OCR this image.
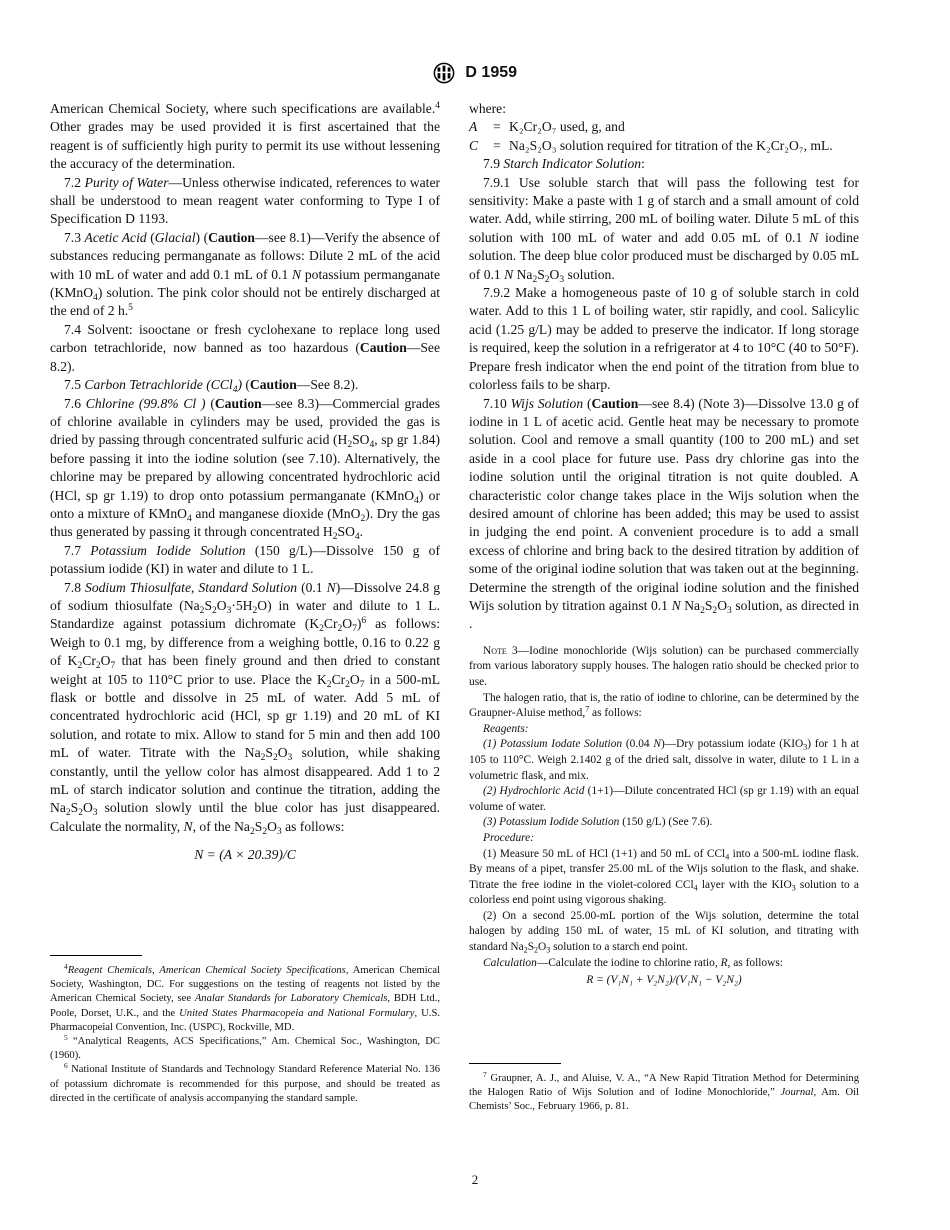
D 1959

American Chemical Society, where such specifications are available.$^4$ Other grades may be used provided it is first ascertained that the reagent is of sufficiently high purity to permit its use without lessening the accuracy of the determination.

7.2 Purity of Water—Unless otherwise indicated, references to water shall be understood to mean reagent water conforming to Type I of Specification D 1193.

7.3 Acetic Acid (Glacial) (Caution—see 8.1)—Verify the absence of substances reducing permanganate as follows: Dilute 2 mL of the acid with 10 mL of water and add 0.1 mL of 0.1 N potassium permanganate (KMnO$_4$) solution. The pink color should not be entirely discharged at the end of 2 h.$^5$

7.4 Solvent: isooctane or fresh cyclohexane to replace long used carbon tetrachloride, now banned as too hazardous (Caution—See 8.2).

7.5 Carbon Tetrachloride (CCl$_4$) (Caution—See 8.2).

7.6 Chlorine (99.8% Cl ) (Caution—see 8.3)—Commercial grades of chlorine available in cylinders may be used, provided the gas is dried by passing through concentrated sulfuric acid ($H_2SO_4$, sp gr 1.84) before passing it into the iodine solution (see 7.10). Alternatively, the chlorine may be prepared by allowing concentrated hydrochloric acid (HCl, sp gr 1.19) to drop onto potassium permanganate (KMnO$_4$) or onto a mixture of KMnO$_4$ and manganese dioxide (MnO$_2$). Dry the gas thus generated by passing it through concentrated $H_2SO_4$.

7.7 Potassium Iodide Solution (150 g/L)—Dissolve 150 g of potassium iodide (KI) in water and dilute to 1 L.

7.8 Sodium Thiosulfate, Standard Solution (0.1 N)—Dissolve 24.8 g of sodium thiosulfate $(Na_2S_2O_3\cdot 5H_2O)$ in water and dilute to 1 L. Standardize against potassium dichromate $(K_2Cr_2O_7)^6$ as follows: Weigh to 0.1 mg, by difference from a weighing bottle, 0.16 to 0.22 g of $K_2Cr_2O_7$ that has been finely ground and then dried to constant weight at 105 to 110°C prior to use. Place the $K_2Cr_2O_7$ in a 500-mL flask or bottle and dissolve in 25 mL of water. Add 5 mL of concentrated hydrochloric acid (HCl, sp gr 1.19) and 20 mL of KI solution, and rotate to mix. Allow to stand for 5 min and then add 100 mL of water. Titrate with the $Na_2S_2O_3$ solution, while shaking constantly, until the yellow color has almost disappeared. Add 1 to 2 mL of starch indicator solution and continue the titration, adding the $Na_2S_2O_3$ solution slowly until the blue color has just disappeared. Calculate the normality, N, of the $Na_2S_2O_3$ as follows:

N = (A × 20.39)/C

where:

A	= K₂Cr₂O₇ used, g, and
C	= Na₂S₂O₃ solution required for titration of the K₂Cr₂O₇, mL.

7.9 Starch Indicator Solution:

7.9.1 Use soluble starch that will pass the following test for sensitivity: Make a paste with 1 g of starch and a small amount of cold water. Add, while stirring, 200 mL of boiling water. Dilute 5 mL of this solution with 100 mL of water and add 0.05 mL of 0.1 N iodine solution. The deep blue color produced must be discharged by 0.05 mL of 0.1 N $Na_2S_2O_3$ solution.

7.9.2 Make a homogeneous paste of 10 g of soluble starch in cold water. Add to this 1 L of boiling water, stir rapidly, and cool. Salicylic acid (1.25 g/L) may be added to preserve the indicator. If long storage is required, keep the solution in a refrigerator at 4 to 10°C (40 to 50°F). Prepare fresh indicator when the end point of the titration from blue to colorless fails to be sharp.

7.10 Wijs Solution (Caution—see 8.4) (Note 3)—Dissolve 13.0 g of iodine in 1 L of acetic acid. Gentle heat may be necessary to promote solution. Cool and remove a small quantity (100 to 200 mL) and set aside in a cool place for future use. Pass dry chlorine gas into the iodine solution until the original titration is not quite doubled. A characteristic color change takes place in the Wijs solution when the desired amount of chlorine has been added; this may be used to assist in judging the end point. A convenient procedure is to add a small excess of chlorine and bring back to the desired titration by addition of some of the original iodine solution that was taken out at the beginning. Determine the strength of the original iodine solution and the finished Wijs solution by titration against 0.1 N $Na_2S_2O_3$ solution, as directed in .

Note 3—Iodine monochloride (Wijs solution) can be purchased commercially from various laboratory supply houses. The halogen ratio should be checked prior to use.

The halogen ratio, that is, the ratio of iodine to chlorine, can be determined by the Graupner-Aluise method,$^7$ as follows:

Reagents:

(1) Potassium Iodate Solution (0.04 N)—Dry potassium iodate $(KIO_3)$ for 1 h at 105 to 110°C. Weigh 2.1402 g of the dried salt, dissolve in water, dilute to 1 L in a volumetric flask, and mix.

(2) Hydrochloric Acid (1+1)—Dilute concentrated HCl (sp gr 1.19) with an equal volume of water.

(3) Potassium Iodide Solution (150 g/L) (See 7.6).

Procedure:

(1) Measure 50 mL of HCl (1+1) and 50 mL of CCl$_4$ into a 500-mL iodine flask. By means of a pipet, transfer 25.00 mL of the Wijs solution to the flask, and shake. Titrate the free iodine in the violet-colored CCl$_4$ layer with the $KIO_3$ solution to a colorless end point using vigorous shaking.

(2) On a second 25.00-mL portion of the Wijs solution, determine the total halogen by adding 150 mL of water, 15 mL of KI solution, and titrating with standard $Na_2S_2O_3$ solution to a starch end point.

Calculation—Calculate the iodine to chlorine ratio, R, as follows:

R = (V₁N₁ + V₂N₂)/(V₁N₁ − V₂N₂)

$^4$Reagent Chemicals, American Chemical Society Specifications, American Chemical Society, Washington, DC. For suggestions on the testing of reagents not listed by the American Chemical Society, see Analar Standards for Laboratory Chemicals, BDH Ltd., Poole, Dorset, U.K., and the United States Pharmacopeia and National Formulary, U.S. Pharmacopeial Convention, Inc. (USPC), Rockville, MD.

$^5$ “Analytical Reagents, ACS Specifications,” Am. Chemical Soc., Washington, DC (1960).

$^6$ National Institute of Standards and Technology Standard Reference Material No. 136 of potassium dichromate is recommended for this purpose, and should be treated as directed in the certificate of analysis accompanying the standard sample.

$^7$ Graupner, A. J., and Aluise, V. A., “A New Rapid Titration Method for Determining the Halogen Ratio of Wijs Solution and of Iodine Monochloride,” Journal, Am. Oil Chemists’ Soc., February 1966, p. 81.

2
